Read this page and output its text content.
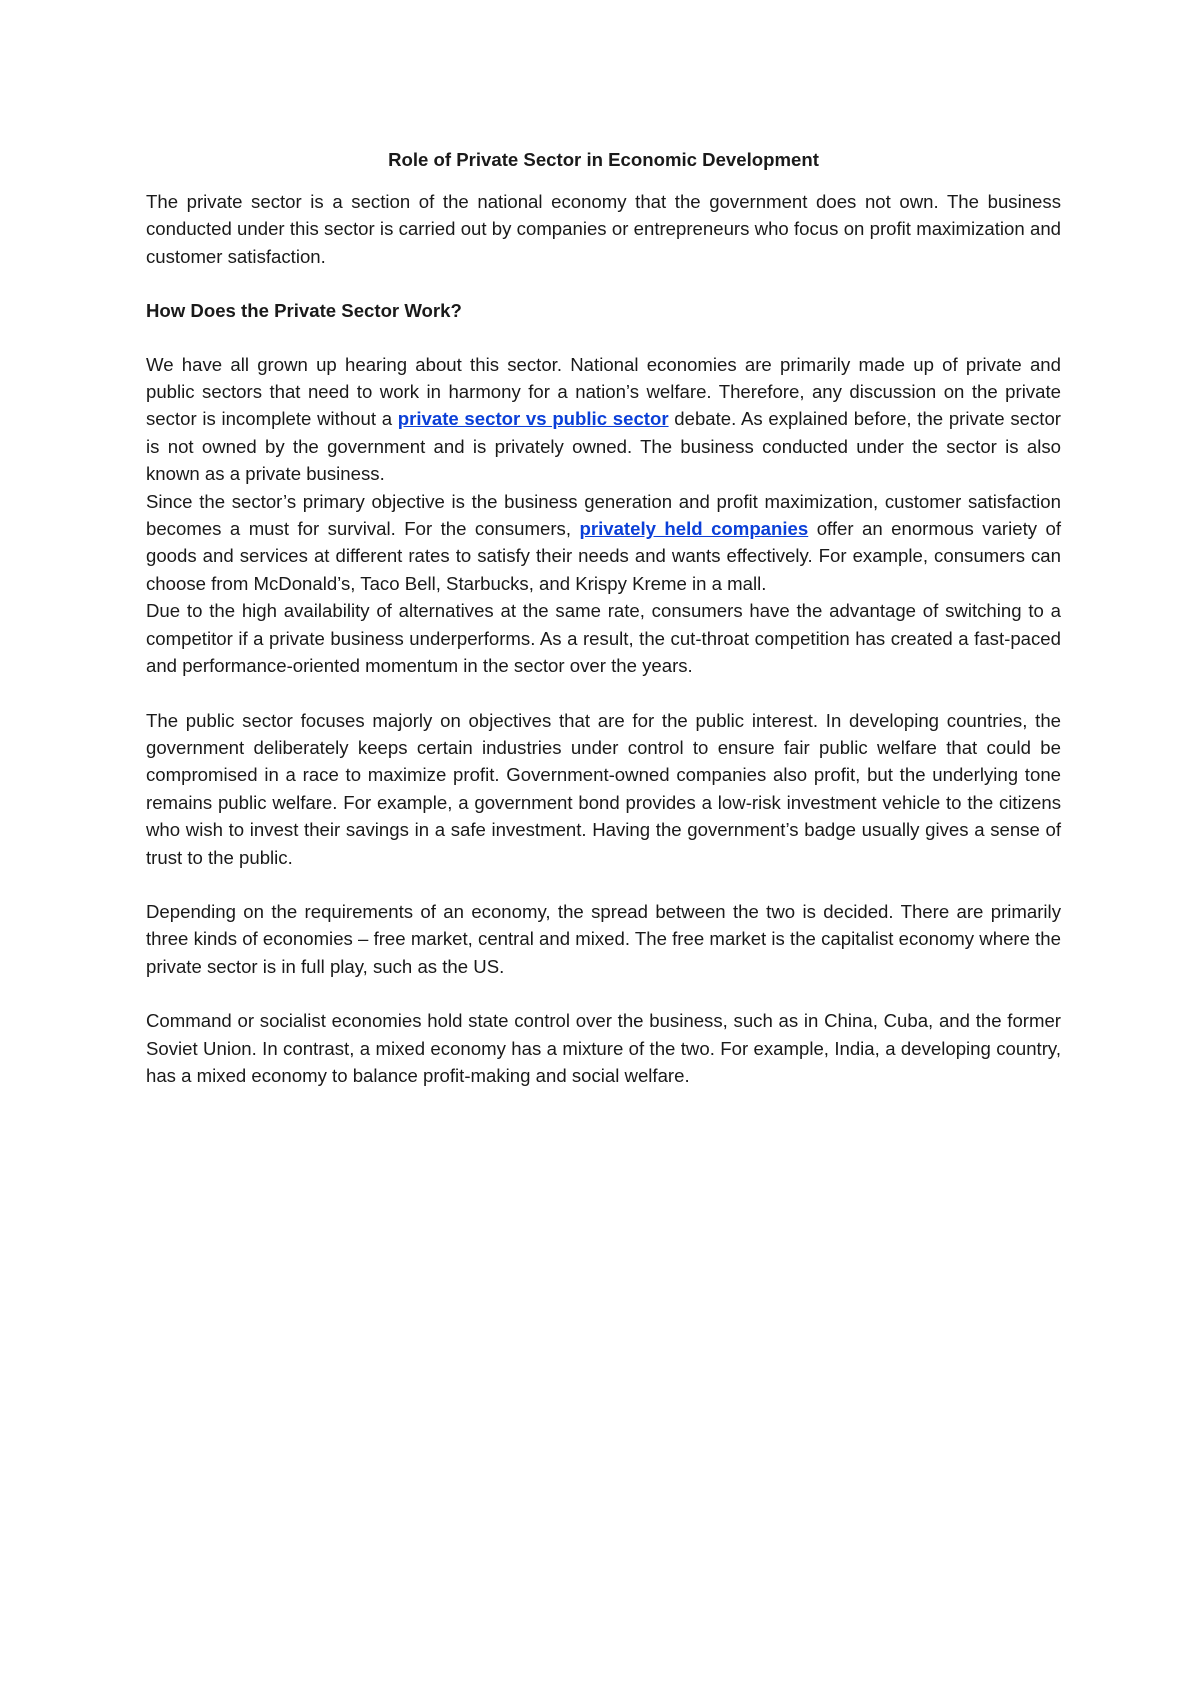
Role of Private Sector in Economic Development

The private sector is a section of the national economy that the government does not own. The business conducted under this sector is carried out by companies or entrepreneurs who focus on profit maximization and customer satisfaction.

How Does the Private Sector Work?

We have all grown up hearing about this sector. National economies are primarily made up of private and public sectors that need to work in harmony for a nation’s welfare. Therefore, any discussion on the private sector is incomplete without a private sector vs public sector debate. As explained before, the private sector is not owned by the government and is privately owned. The business conducted under the sector is also known as a private business.

Since the sector’s primary objective is the business generation and profit maximization, customer satisfaction becomes a must for survival. For the consumers, privately held companies offer an enormous variety of goods and services at different rates to satisfy their needs and wants effectively. For example, consumers can choose from McDonald’s, Taco Bell, Starbucks, and Krispy Kreme in a mall.

Due to the high availability of alternatives at the same rate, consumers have the advantage of switching to a competitor if a private business underperforms. As a result, the cut-throat competition has created a fast-paced and performance-oriented momentum in the sector over the years.

The public sector focuses majorly on objectives that are for the public interest. In developing countries, the government deliberately keeps certain industries under control to ensure fair public welfare that could be compromised in a race to maximize profit. Government-owned companies also profit, but the underlying tone remains public welfare. For example, a government bond provides a low-risk investment vehicle to the citizens who wish to invest their savings in a safe investment. Having the government’s badge usually gives a sense of trust to the public.

Depending on the requirements of an economy, the spread between the two is decided. There are primarily three kinds of economies – free market, central and mixed. The free market is the capitalist economy where the private sector is in full play, such as the US.

Command or socialist economies hold state control over the business, such as in China, Cuba, and the former Soviet Union. In contrast, a mixed economy has a mixture of the two. For example, India, a developing country, has a mixed economy to balance profit-making and social welfare.
